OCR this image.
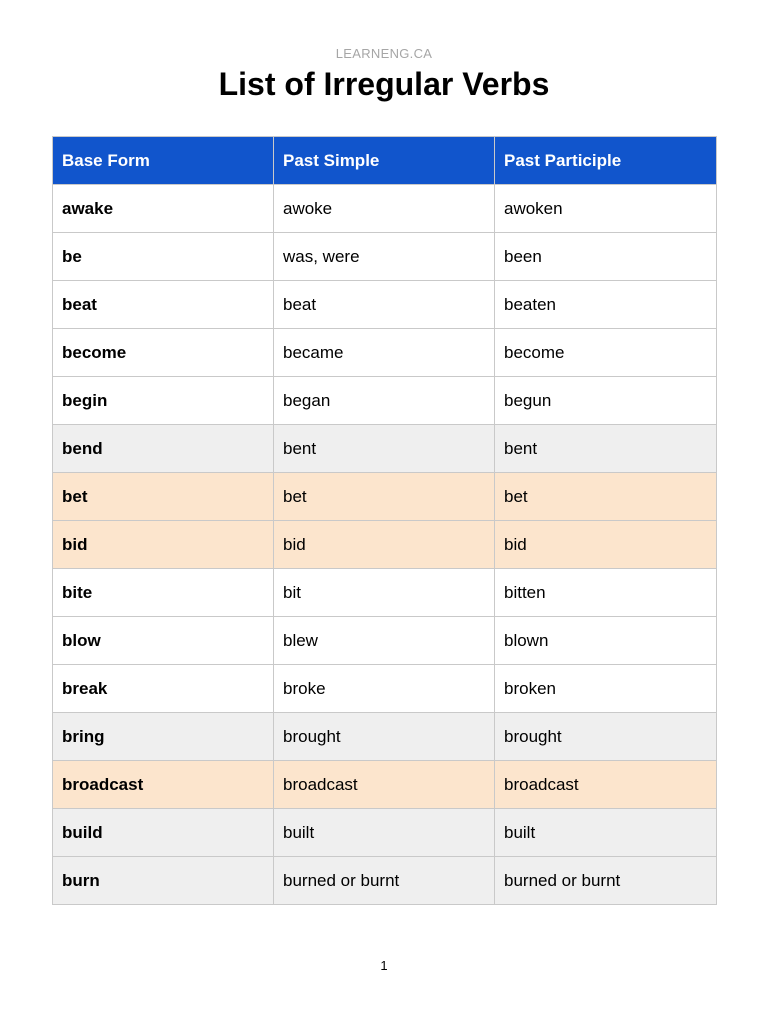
LEARNENG.CA
List of Irregular Verbs
Base Form	Past Simple	Past Participle
awake	awoke	awoken
be	was, were	been
beat	beat	beaten
become	became	become
begin	began	begun
bend	bent	bent
bet	bet	bet
bid	bid	bid
bite	bit	bitten
blow	blew	blown
break	broke	broken
bring	brought	brought
broadcast	broadcast	broadcast
build	built	built
burn	burned or burnt	burned or burnt
1
